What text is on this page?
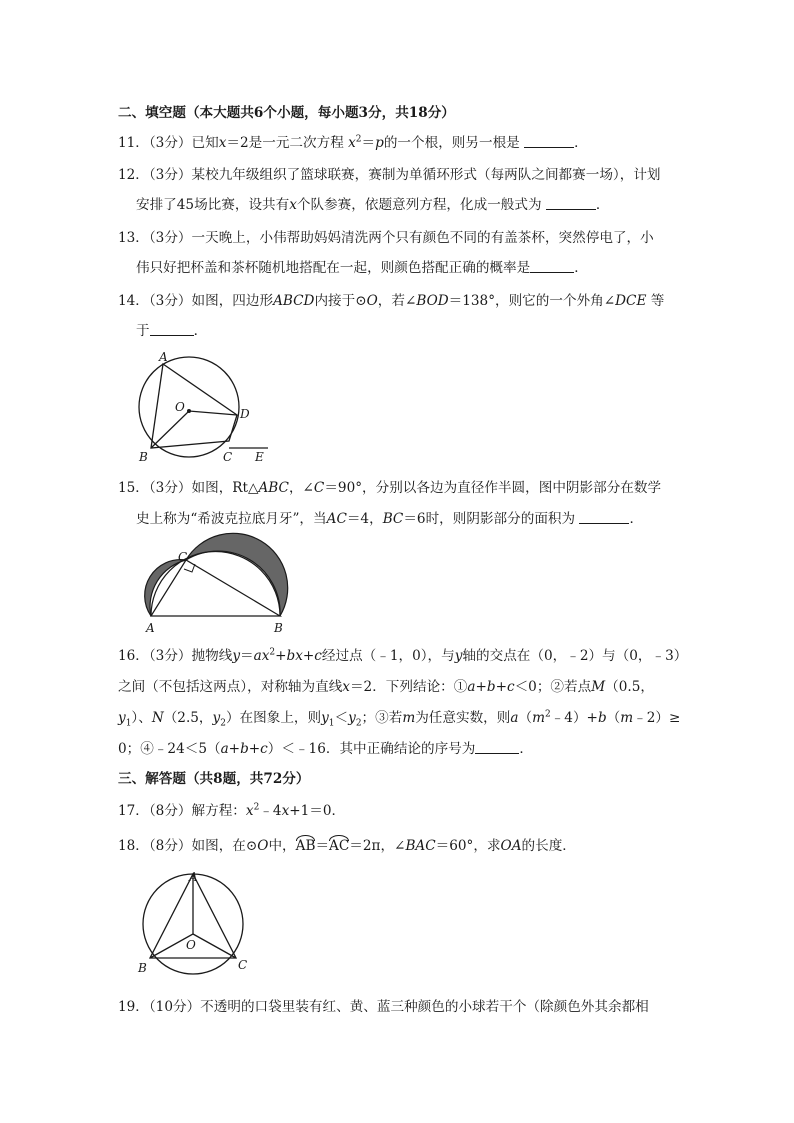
二、填空题（本大题共6个小题，每小题3分，共18分）
11．（3分）已知x＝2是一元二次方程 $x^2=p$的一个根，则另一根是	．
12．（3分）某校九年级组织了篮球联赛，赛制为单循环形式（每两队之间都赛一场），计划
安排了45场比赛，设共有x个队参赛，依题意列方程，化成一般式为	．
13．（3分）一天晚上，小伟帮助妈妈清洗两个只有颜色不同的有盖茶杯，突然停电了，小
伟只好把杯盖和茶杯随机地搭配在一起，则颜色搭配正确的概率是	．
14．（3分）如图，四边形ABCD内接于⊙O，若∠BOD＝138°，则它的一个外角∠DCE 等
于	．
15．（3分）如图，Rt△ABC，∠C＝90°，分别以各边为直径作半圆，图中阴影部分在数学
史上称为“希波克拉底月牙”，当AC＝4，BC＝6时，则阴影部分的面积为	．
16．（3分）抛物线$y=ax^2+bx+c$经过点（﹣1，0），与y轴的交点在（0，﹣2）与（0，﹣3）
之间（不包括这两点），对称轴为直线x＝2．下列结论：①a+b+c＜0；②若点M（0.5，
$y_1$）、N（2.5，$y_2$）在图象上，则$y_1<y_2$；③若m为任意实数，则$a(m^2﹣4)+b(m﹣2)\ge$
0；④﹣24＜5（a+b+c）＜﹣16．其中正确结论的序号为	．
三、解答题（共8题，共72分）
17．（8分）解方程：$x^2﹣4x+1=0$．
18．（8分）如图，在⊙O中，AB＝AC＝2π，∠BAC＝60°，求OA的长度．
19．（10分）不透明的口袋里装有红、黄、蓝三种颜色的小球若干个（除颜色外其余都相
A
O	D
B	C E
C
A	B
A
O
B	C
